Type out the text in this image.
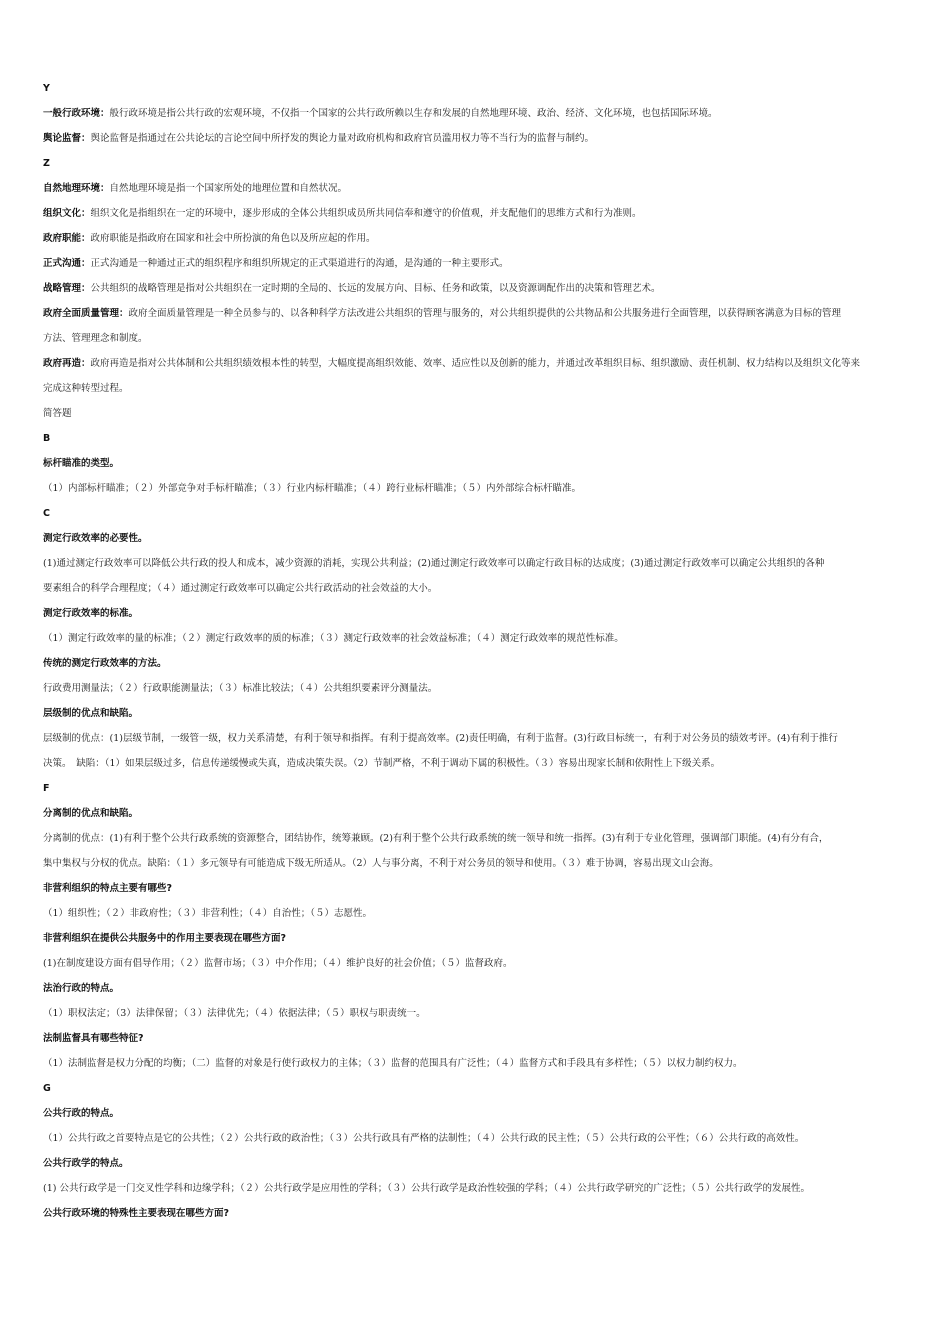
Y

一般行政环境：般行政环境是指公共行政的宏观环境，不仅指一个国家的公共行政所赖以生存和发展的自然地理环境、政治、经济、文化环境，也包括国际环境。

舆论监督：舆论监督是指通过在公共论坛的言论空间中所抒发的舆论力量对政府机构和政府官员滥用权力等不当行为的监督与制约。

Z

自然地理环境：自然地理环境是指一个国家所处的地理位置和自然状况。

组织文化：组织文化是指组织在一定的环境中，逐步形成的全体公共组织成员所共同信奉和遵守的价值观，并支配他们的思维方式和行为准则。

政府职能：政府职能是指政府在国家和社会中所扮演的角色以及所应起的作用。

正式沟通：正式沟通是一种通过正式的组织程序和组织所规定的正式渠道进行的沟通，是沟通的一种主要形式。

战略管理：公共组织的战略管理是指对公共组织在一定时期的全局的、长远的发展方向、目标、任务和政策，以及资源调配作出的决策和管理艺术。

政府全面质量管理：政府全面质量管理是一种全员参与的、以各种科学方法改进公共组织的管理与服务的，对公共组织提供的公共物品和公共服务进行全面管理，以获得顾客满意为目标的管理

方法、管理理念和制度。

政府再造：政府再造是指对公共体制和公共组织绩效根本性的转型，大幅度提高组织效能、效率、适应性以及创新的能力，并通过改革组织目标、组织激励、责任机制、权力结构以及组织文化等来

完成这种转型过程。

简答题

B

标杆瞄准的类型。

（1）内部标杆瞄准；（２）外部竞争对手标杆瞄准；（３）行业内标杆瞄准；（４）跨行业标杆瞄准；（５）内外部综合标杆瞄准。

C

测定行政效率的必要性。

(1)通过测定行政效率可以降低公共行政的投人和成本，减少资源的消耗，实现公共利益；(2)通过测定行政效率可以确定行政目标的达成度；(3)通过测定行政效率可以确定公共组织的各种

要素组合的科学合理程度；（４）通过测定行政效率可以确定公共行政活动的社会效益的大小。

测定行政效率的标准。

（1）测定行政效率的量的标准；（２）测定行政效率的质的标准；（３）测定行政效率的社会效益标准；（４）测定行政效率的规范性标准。

传统的测定行政效率的方法。

行政费用测量法；（２）行政职能测量法；（３）标准比较法；（４）公共组织要素评分测量法。

层级制的优点和缺陷。

层级制的优点：(1)层级节制，一级管一级，权力关系清楚，有利于领导和指挥。有利于提高效率。(2)责任明确，有利于监督。(3)行政目标统一，有利于对公务员的绩效考评。(4)有利于推行

决策。　缺陷：（1）如果层级过多，信息传递缓慢或失真，造成决策失误。（2）节制严格，不利于调动下属的积极性。（３）容易出现家长制和依附性上下级关系。

F

分离制的优点和缺陷。

分离制的优点：(1)有利于整个公共行政系统的资源整合，团结协作，统筹兼顾。(2)有利于整个公共行政系统的统一领导和统一指挥。(3)有利于专业化管理，强调部门职能。(4)有分有合，

集中集权与分权的优点。缺陷：（１）多元领导有可能造成下级无所适从。（2）人与事分离，不利于对公务员的领导和使用。（３）难于协调，容易出现文山会海。

非营利组织的特点主要有哪些?

（1）组织性；（２）非政府性；（３）非营利性；（４）自治性；（５）志愿性。

非营利组织在提供公共服务中的作用主要表现在哪些方面?

(1)在制度建设方面有倡导作用；（２）监督市场；（３）中介作用；（４）维护良好的社会价值；（５）监督政府。

法治行政的特点。

（1）职权法定；（3）法律保留；（３）法律优先；（４）依据法律；（５）职权与职责统一。

法制监督具有哪些特征?

（1）法制监督是权力分配的均衡；（二）监督的对象是行使行政权力的主体；（３）监督的范围具有广泛性；（４）监督方式和手段具有多样性；（５）以权力制约权力。

G

公共行政的特点。

（1）公共行政之首要特点是它的公共性；（２）公共行政的政治性；（３）公共行政具有严格的法制性；（４）公共行政的民主性；（５）公共行政的公平性；（６）公共行政的高效性。

公共行政学的特点。

(1) 公共行政学是一门交叉性学科和边缘学科；（２）公共行政学是应用性的学科；（３）公共行政学是政治性较强的学科；（４）公共行政学研究的广泛性；（５）公共行政学的发展性。

公共行政环境的特殊性主要表现在哪些方面?
